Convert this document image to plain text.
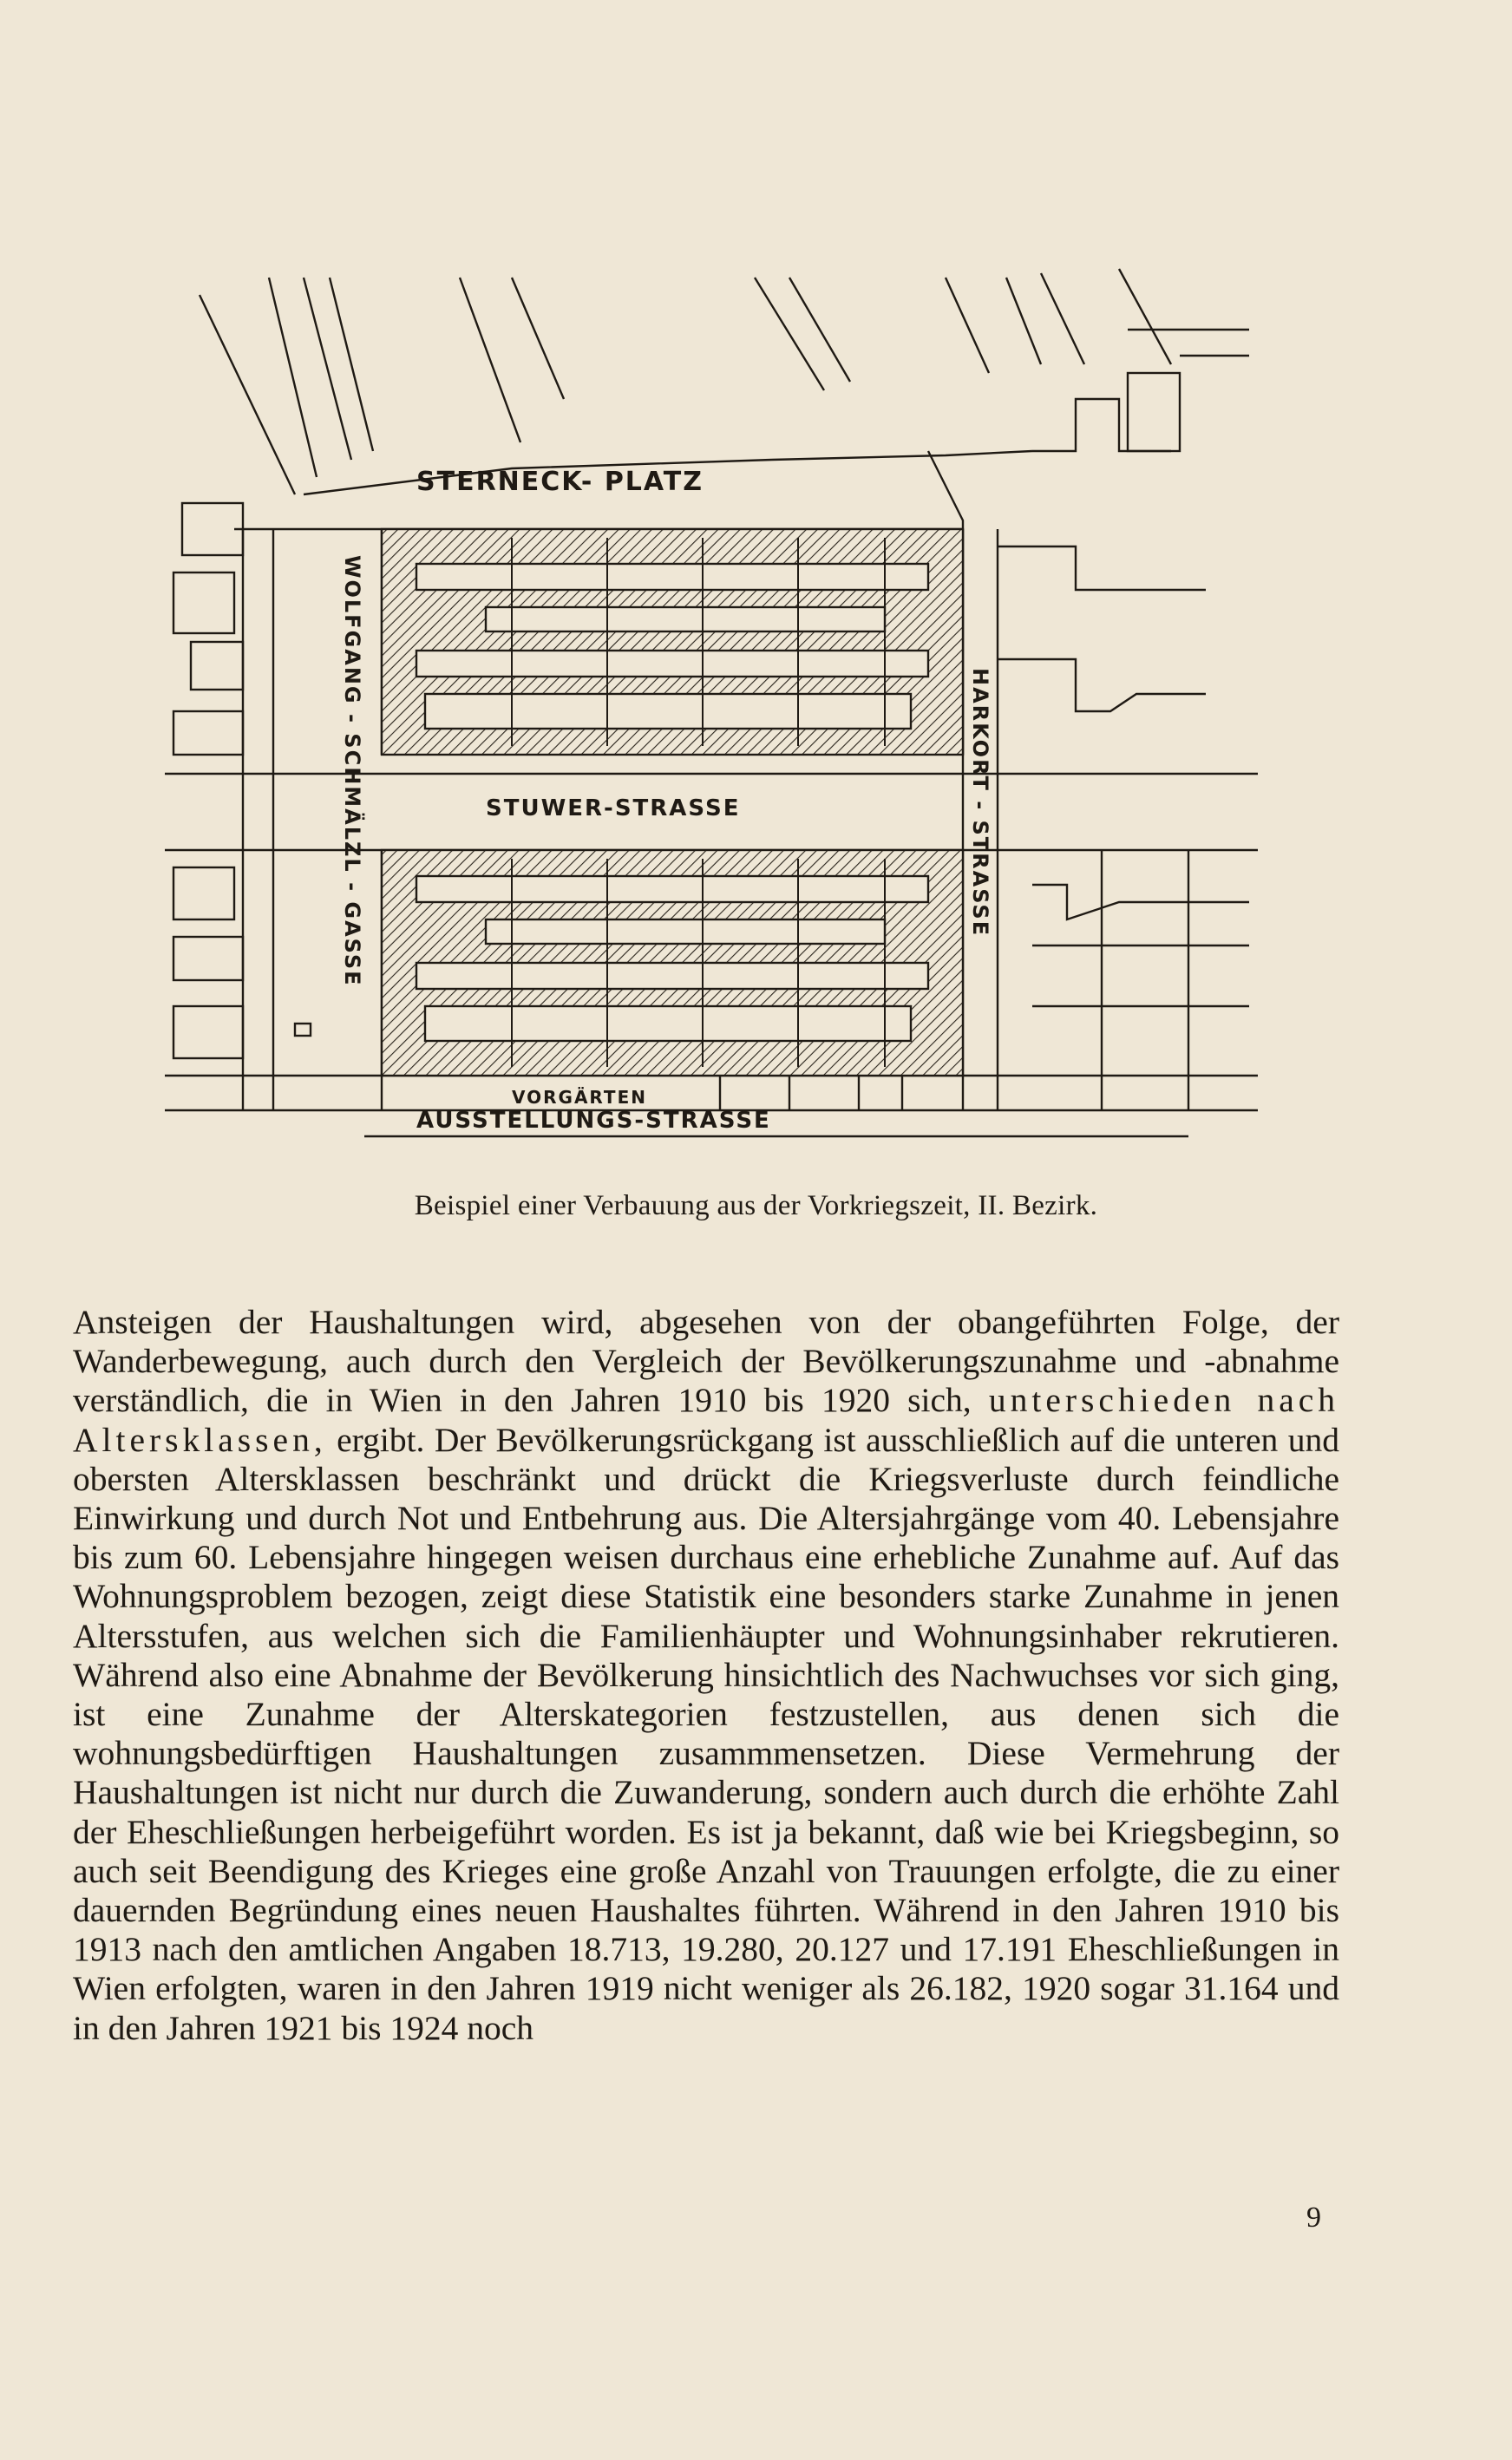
STERNECK- PLATZ
STUWER-STRASSE
AUSSTELLUNGS-STRASSE
VORGÄRTEN
WOLFGANG - SCHMÄLZL - GASSE	HARKORT - STRASSE
Beispiel einer Verbauung aus der Vorkriegszeit, II. Bezirk.

Ansteigen der Haushaltungen wird, abgesehen von der obangeführten Folge, der Wanderbewegung, auch durch den Vergleich der Bevölkerungszunahme und -abnahme verständlich, die in Wien in den Jahren 1910 bis 1920 sich, unterschieden nach Altersklassen, ergibt. Der Bevölkerungsrückgang ist ausschließlich auf die unteren und obersten Altersklassen beschränkt und drückt die Kriegsverluste durch feindliche Einwirkung und durch Not und Entbehrung aus. Die Altersjahrgänge vom 40. Lebensjahre bis zum 60. Lebensjahre hingegen weisen durchaus eine erhebliche Zunahme auf. Auf das Wohnungsproblem bezogen, zeigt diese Statistik eine besonders starke Zunahme in jenen Altersstufen, aus welchen sich die Familienhäupter und Wohnungsinhaber rekrutieren. Während also eine Abnahme der Bevölkerung hinsichtlich des Nachwuchses vor sich ging, ist eine Zunahme der Alterskategorien festzustellen, aus denen sich die wohnungsbedürftigen Haushaltungen zusammmensetzen. Diese Vermehrung der Haushaltungen ist nicht nur durch die Zuwanderung, sondern auch durch die erhöhte Zahl der Eheschließungen herbeigeführt worden. Es ist ja bekannt, daß wie bei Kriegsbeginn, so auch seit Beendigung des Krieges eine große Anzahl von Trauungen erfolgte, die zu einer dauernden Begründung eines neuen Haushaltes führten. Während in den Jahren 1910 bis 1913 nach den amtlichen Angaben 18.713, 19.280, 20.127 und 17.191 Eheschließungen in Wien erfolgten, waren in den Jahren 1919 nicht weniger als 26.182, 1920 sogar 31.164 und in den Jahren 1921 bis 1924 noch

9
